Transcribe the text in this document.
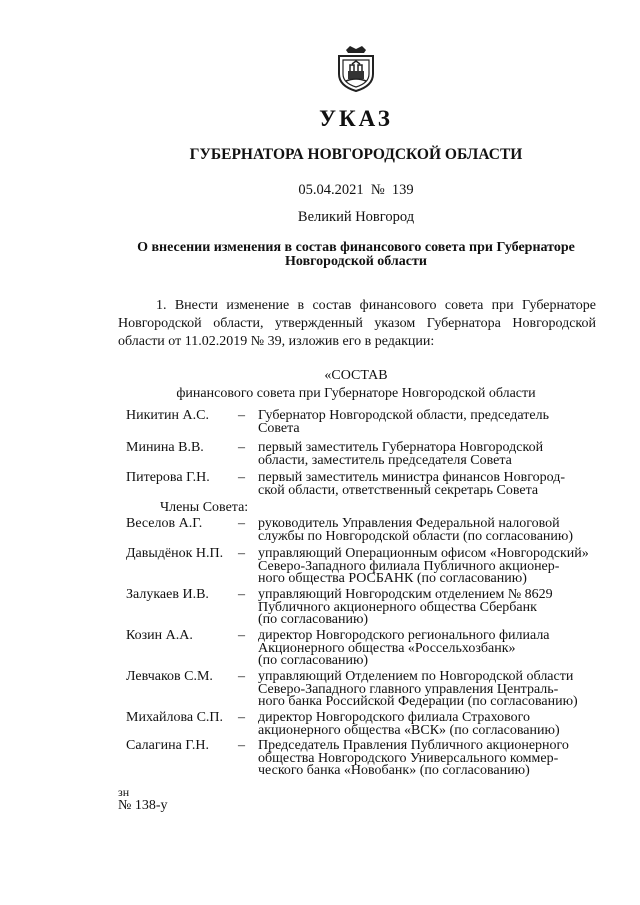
УКАЗ
ГУБЕРНАТОРА НОВГОРОДСКОЙ ОБЛАСТИ
05.04.2021 № 139
Великий Новгород
О внесении изменения в состав финансового совета при Губернаторе
Новгородской области
1. Внести изменение в состав финансового совета при Губернаторе Новгородской области, утвержденный указом Губернатора Новгородской области от 11.02.2019 № 39, изложив его в редакции:
«СОСТАВ
финансового совета при Губернаторе Новгородской области
Никитин А.С. – Губернатор Новгородской области, председатель
Совета
Минина В.В. – первый заместитель Губернатора Новгородской
области, заместитель председателя Совета
Питерова Г.Н. – первый заместитель министра финансов Новгород-
ской области, ответственный секретарь Совета
Члены Совета:
Веселов А.Г.	– руководитель Управления Федеральной налоговой
службы по Новгородской области (по согласованию)
Давыдёнок Н.П. – управляющий Операционным офисом «Новгородский»
Северо-Западного филиала Публичного акционер-
ного общества РОСБАНК (по согласованию)
Залукаев И.В. – управляющий Новгородским отделением № 8629
Публичного акционерного общества Сбербанк
(по согласованию)
Козин А.А.	– директор Новгородского регионального филиала
Акционерного общества «Россельхозбанк»
(по согласованию)
Левчаков С.М. – управляющий Отделением по Новгородской области
Северо-Западного главного управления Централь-
ного банка Российской Федерации (по согласованию)
Михайлова С.П. – директор Новгородского филиала Страхового
акционерного общества «ВСК» (по согласованию)
Салагина Г.Н. – Председатель Правления Публичного акционерного
общества Новгородского Универсального коммер-
ческого банка «Новобанк» (по согласованию)
зн
№ 138-у
